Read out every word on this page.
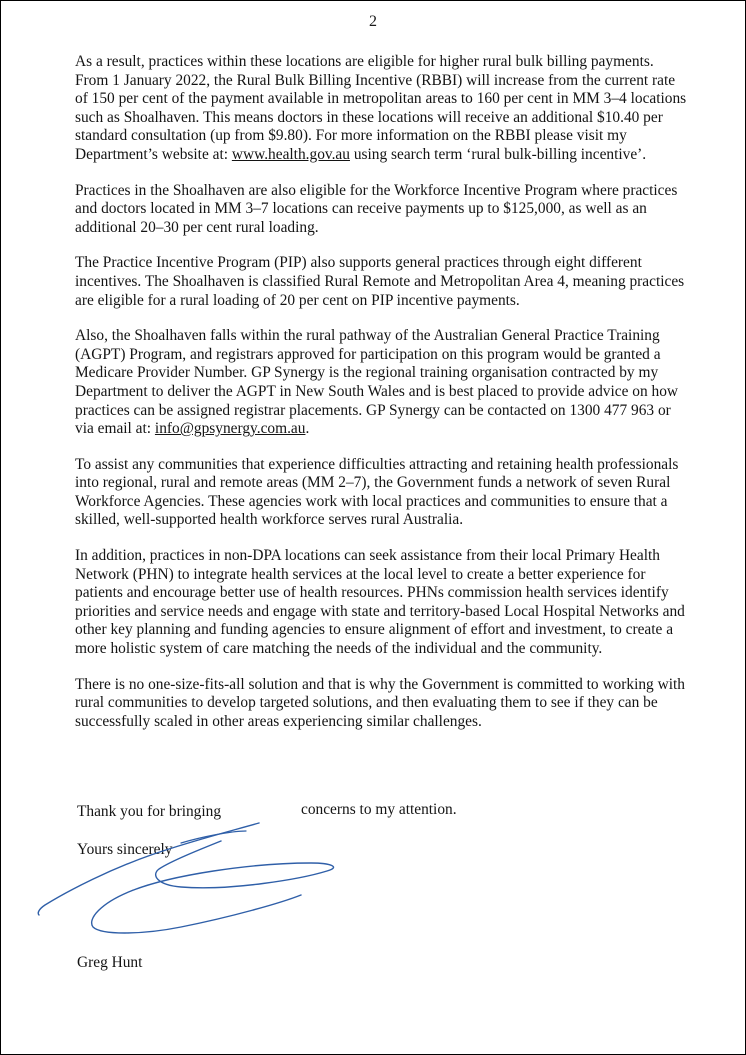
2

As a result, practices within these locations are eligible for higher rural bulk billing payments. From 1 January 2022, the Rural Bulk Billing Incentive (RBBI) will increase from the current rate of 150 per cent of the payment available in metropolitan areas to 160 per cent in MM 3–4 locations such as Shoalhaven. This means doctors in these locations will receive an additional $10.40 per standard consultation (up from $9.80). For more information on the RBBI please visit my Department’s website at: www.health.gov.au using search term ‘rural bulk-billing incentive’.

Practices in the Shoalhaven are also eligible for the Workforce Incentive Program where practices and doctors located in MM 3–7 locations can receive payments up to $125,000, as well as an additional 20–30 per cent rural loading.

The Practice Incentive Program (PIP) also supports general practices through eight different incentives. The Shoalhaven is classified Rural Remote and Metropolitan Area 4, meaning practices are eligible for a rural loading of 20 per cent on PIP incentive payments.

Also, the Shoalhaven falls within the rural pathway of the Australian General Practice Training (AGPT) Program, and registrars approved for participation on this program would be granted a Medicare Provider Number. GP Synergy is the regional training organisation contracted by my Department to deliver the AGPT in New South Wales and is best placed to provide advice on how practices can be assigned registrar placements. GP Synergy can be contacted on 1300 477 963 or via email at: info@gpsynergy.com.au.

To assist any communities that experience difficulties attracting and retaining health professionals into regional, rural and remote areas (MM 2–7), the Government funds a network of seven Rural Workforce Agencies. These agencies work with local practices and communities to ensure that a skilled, well-supported health workforce serves rural Australia.

In addition, practices in non-DPA locations can seek assistance from their local Primary Health Network (PHN) to integrate health services at the local level to create a better experience for patients and encourage better use of health resources. PHNs commission health services identify priorities and service needs and engage with state and territory-based Local Hospital Networks and other key planning and funding agencies to ensure alignment of effort and investment, to create a more holistic system of care matching the needs of the individual and the community.

There is no one-size-fits-all solution and that is why the Government is committed to working with rural communities to develop targeted solutions, and then evaluating them to see if they can be successfully scaled in other areas experiencing similar challenges.

Thank you for bringing	concerns to my attention.
Yours sincerely
Greg Hunt
